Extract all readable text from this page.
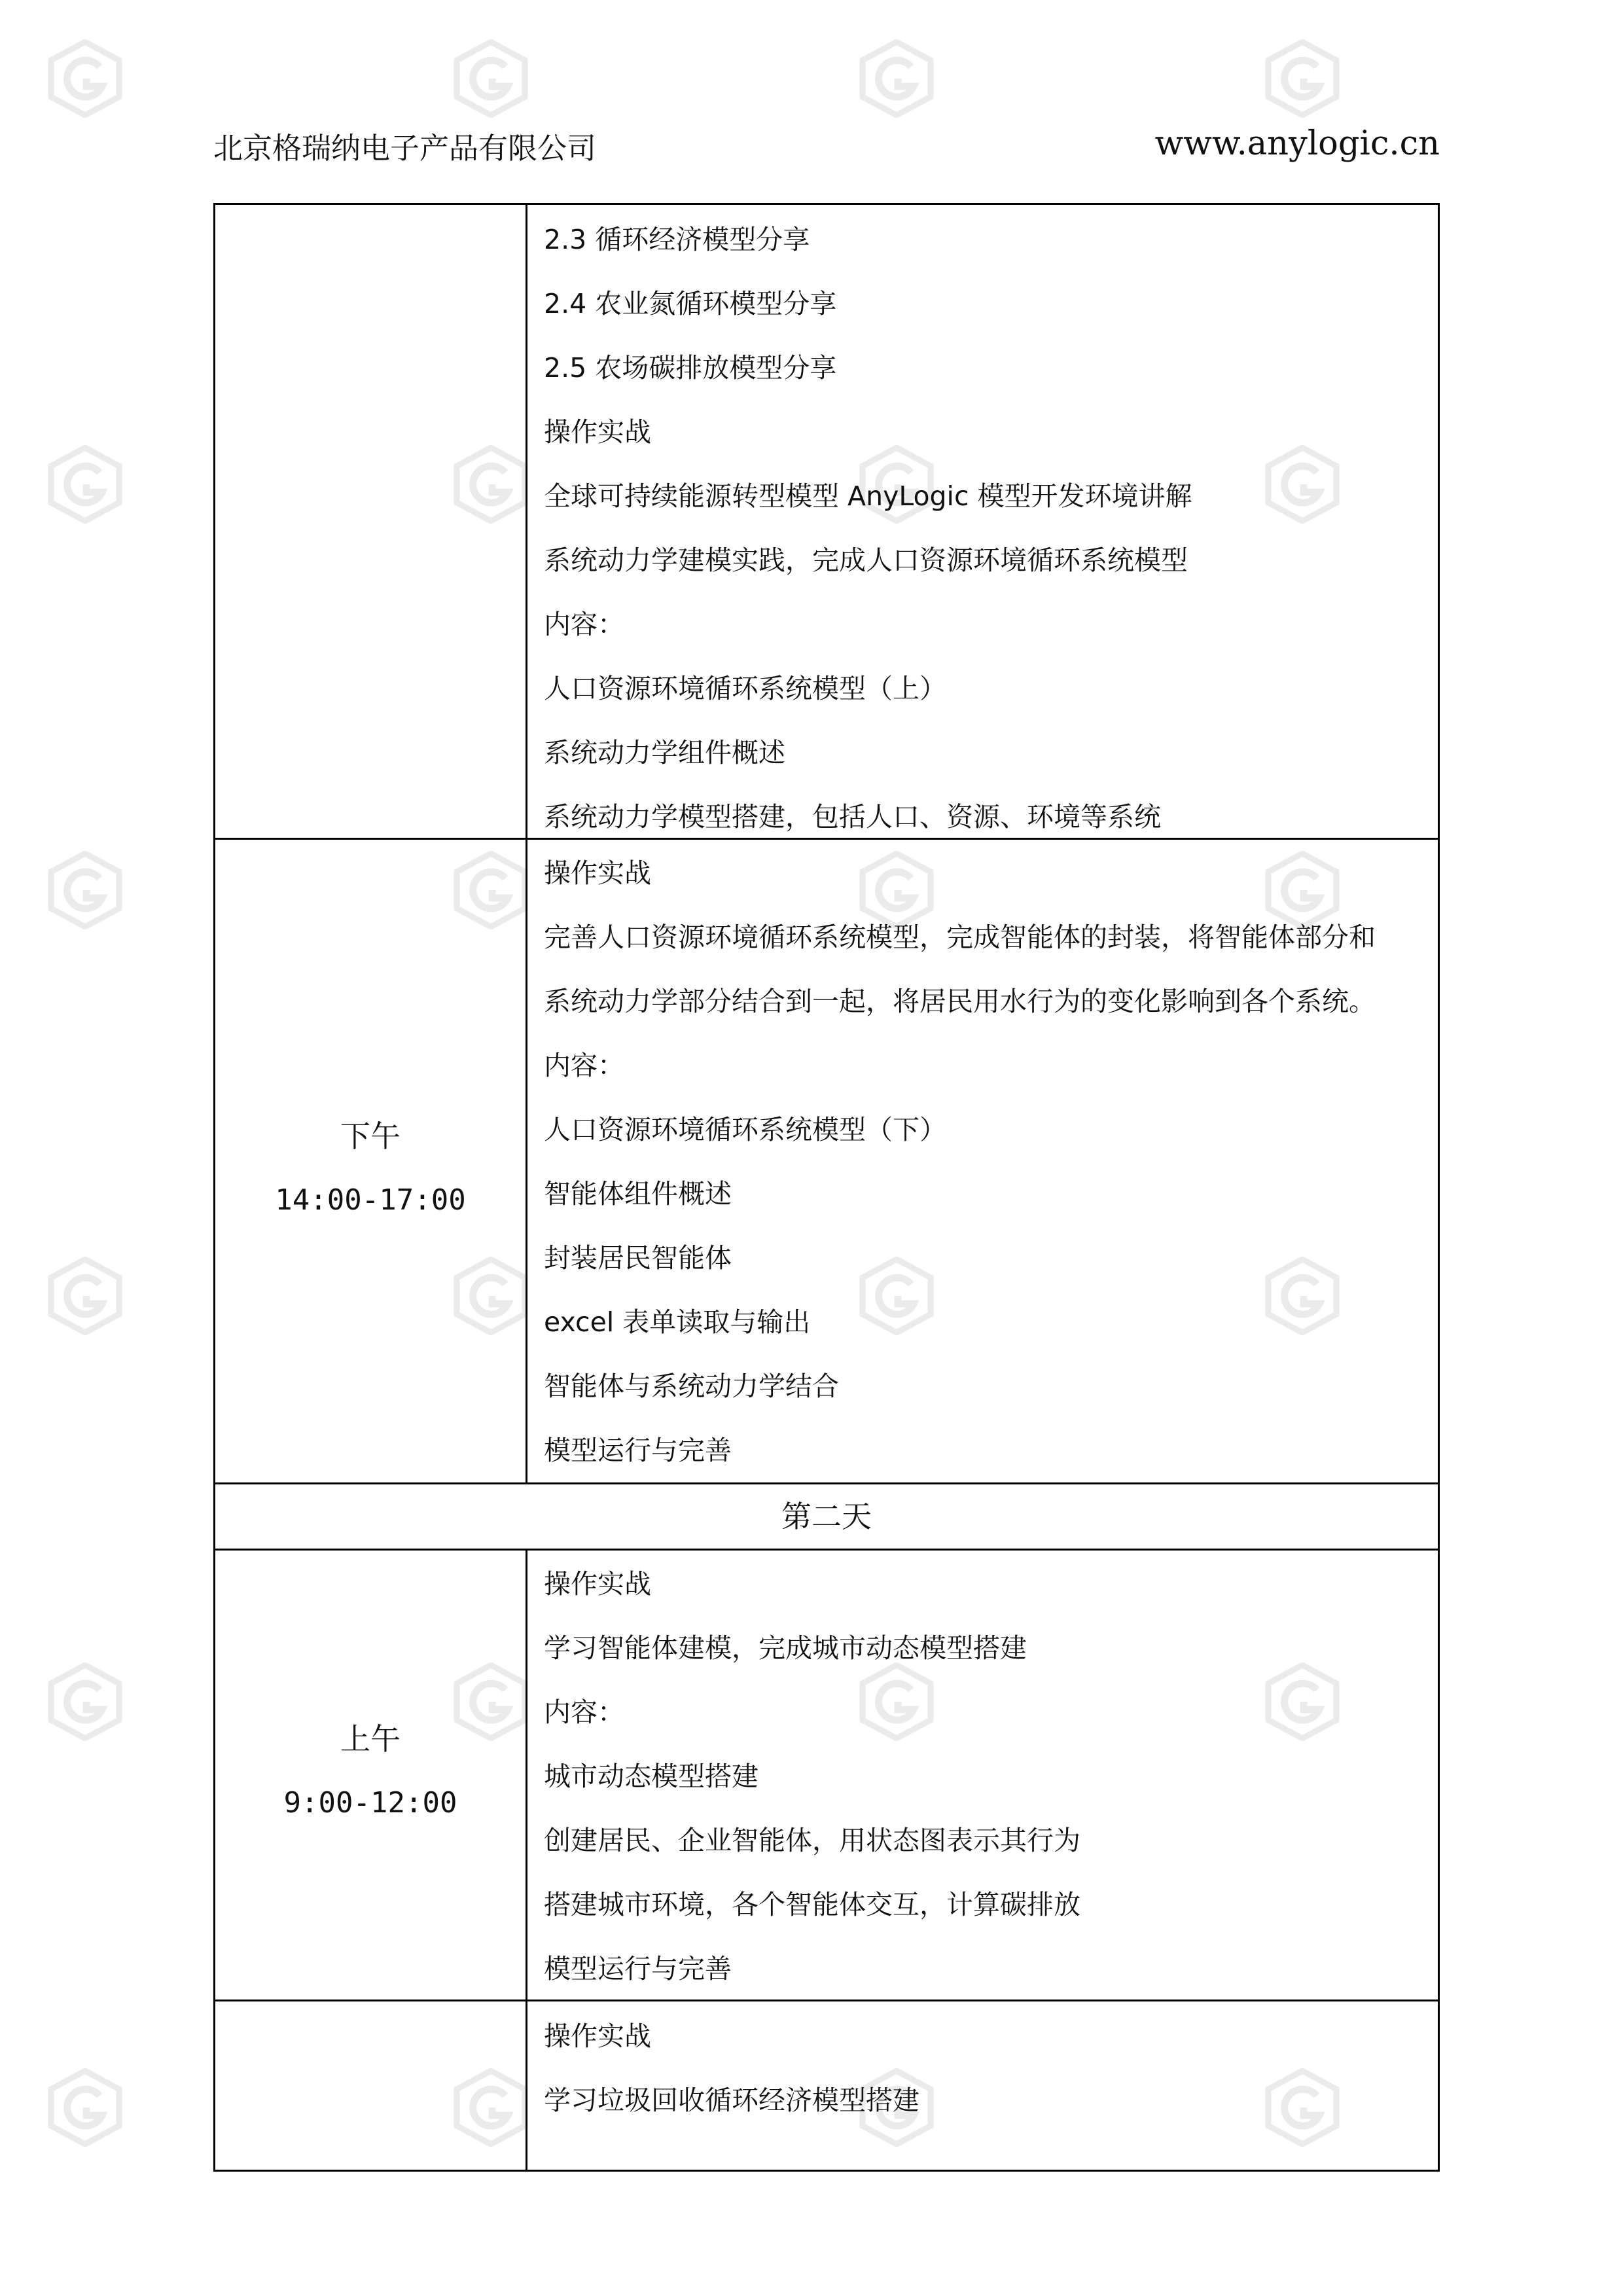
北京格瑞纳电子产品有限公司	www.anylogic.cn
2.3 循环经济模型分享
2.4 农业氮循环模型分享
2.5 农场碳排放模型分享
操作实战
全球可持续能源转型模型 AnyLogic 模型开发环境讲解
系统动力学建模实践，完成人口资源环境循环系统模型
内容：
人口资源环境循环系统模型（上）
系统动力学组件概述
系统动力学模型搭建，包括人口、资源、环境等系统
下午
14:00-17:00
操作实战
完善人口资源环境循环系统模型，完成智能体的封装，将智能体部分和
系统动力学部分结合到一起，将居民用水行为的变化影响到各个系统。
内容：
人口资源环境循环系统模型（下）
智能体组件概述
封装居民智能体
excel 表单读取与输出
智能体与系统动力学结合
模型运行与完善
第二天
上午
9:00-12:00
操作实战
学习智能体建模，完成城市动态模型搭建
内容：
城市动态模型搭建
创建居民、企业智能体，用状态图表示其行为
搭建城市环境，各个智能体交互，计算碳排放
模型运行与完善
操作实战
学习垃圾回收循环经济模型搭建
